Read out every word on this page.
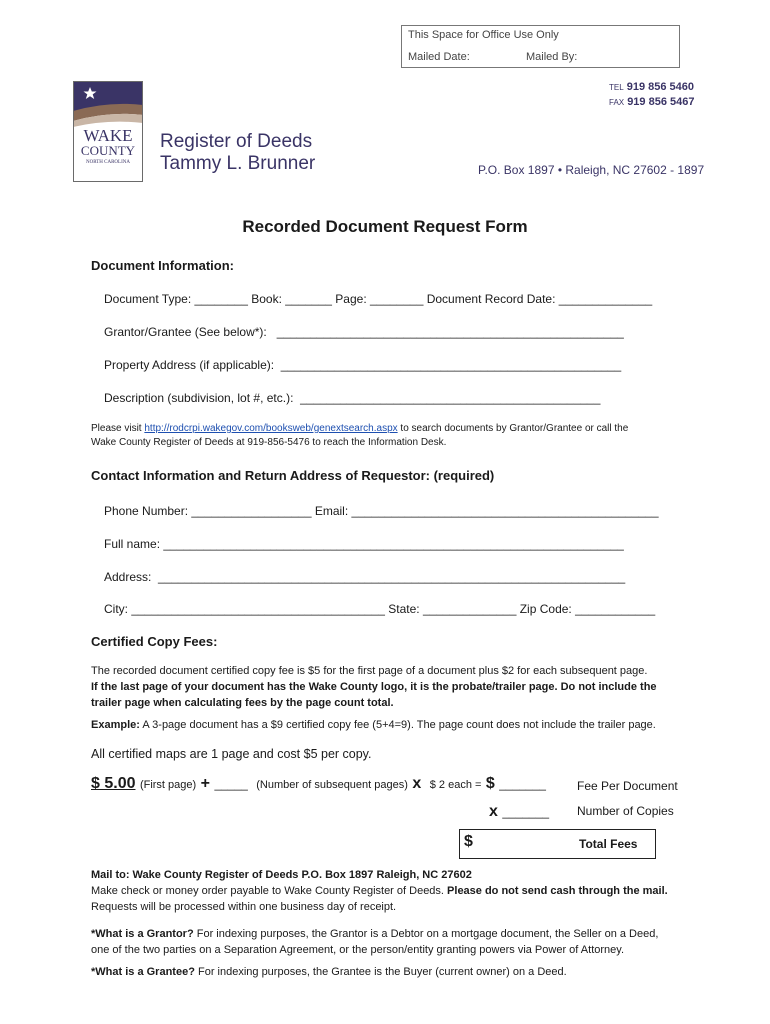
This Space for Office Use Only
Mailed Date:	Mailed By:
WAKE
COUNTY
NORTH CAROLINA
Register of Deeds
Tammy L. Brunner
TEL 919 856 5460
FAX 919 856 5467
P.O. Box 1897 • Raleigh, NC 27602 - 1897
Recorded Document Request Form
Document Information:
Document Type: ________ Book: _______ Page: ________ Document Record Date: ______________
Grantor/Grantee (See below*):   ____________________________________________________
Property Address (if applicable):  ___________________________________________________
Description (subdivision, lot #, etc.):  _____________________________________________
Please visit http://rodcrpi.wakegov.com/booksweb/genextsearch.aspx to search documents by Grantor/Grantee or call the
Wake County Register of Deeds at 919-856-5476 to reach the Information Desk.
Contact Information and Return Address of Requestor: (required)
Phone Number: __________________ Email: ______________________________________________
Full name: _____________________________________________________________________
Address:  ______________________________________________________________________
City: ______________________________________ State: ______________ Zip Code: ____________
Certified Copy Fees:
The recorded document certified copy fee is $5 for the first page of a document plus $2 for each subsequent page.
If the last page of your document has the Wake County logo, it is the probate/trailer page. Do not include the
trailer page when calculating fees by the page count total.
Example: A 3-page document has a $9 certified copy fee (5+4=9). The page count does not include the trailer page.
All certified maps are 1 page and cost $5 per copy.
$ 5.00 (First page) + _____ (Number of subsequent pages) x $ 2 each = $ _______	Fee Per Document
x _______ Number of Copies
$	Total Fees
Mail to: Wake County Register of Deeds P.O. Box 1897 Raleigh, NC 27602
Make check or money order payable to Wake County Register of Deeds. Please do not send cash through the mail.
Requests will be processed within one business day of receipt.
*What is a Grantor? For indexing purposes, the Grantor is a Debtor on a mortgage document, the Seller on a Deed,
one of the two parties on a Separation Agreement, or the person/entity granting powers via Power of Attorney.
*What is a Grantee? For indexing purposes, the Grantee is the Buyer (current owner) on a Deed.
